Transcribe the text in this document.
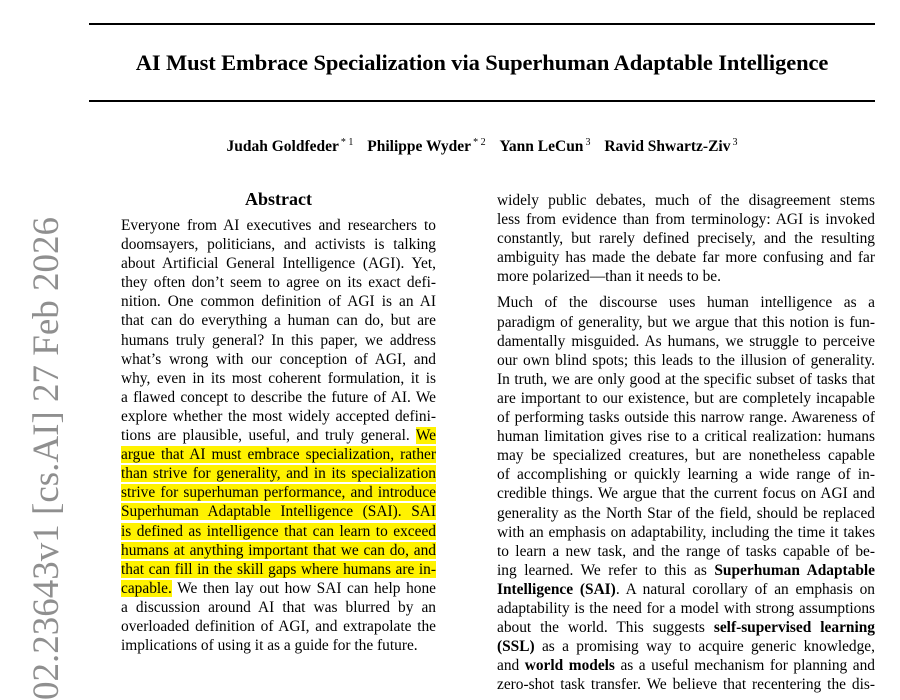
AI Must Embrace Specialization via Superhuman Adaptable Intelligence
Judah Goldfeder $^{* 1}$ Philippe Wyder $^{* 2}$ Yann LeCun $^3$ Ravid Shwartz-Ziv $^3$
02.23643v1 [cs.AI] 27 Feb 2026
Abstract
Everyone from AI executives and researchers to
doomsayers, politicians, and activists is talking
about Artificial General Intelligence (AGI). Yet,
they often don’t seem to agree on its exact defi-
nition. One common definition of AGI is an AI
that can do everything a human can do, but are
humans truly general? In this paper, we address
what’s wrong with our conception of AGI, and
why, even in its most coherent formulation, it is
a flawed concept to describe the future of AI. We
explore whether the most widely accepted defini-
tions are plausible, useful, and truly general. We
argue that AI must embrace specialization, rather
than strive for generality, and in its specialization
strive for superhuman performance, and introduce
Superhuman Adaptable Intelligence (SAI). SAI
is defined as intelligence that can learn to exceed
humans at anything important that we can do, and
that can fill in the skill gaps where humans are in-
capable. We then lay out how SAI can help hone
a discussion around AI that was blurred by an
overloaded definition of AGI, and extrapolate the
implications of using it as a guide for the future.
widely public debates, much of the disagreement stems
less from evidence than from terminology: AGI is invoked
constantly, but rarely defined precisely, and the resulting
ambiguity has made the debate far more confusing and far
more polarized—than it needs to be.
Much of the discourse uses human intelligence as a
paradigm of generality, but we argue that this notion is fun-
damentally misguided. As humans, we struggle to perceive
our own blind spots; this leads to the illusion of generality.
In truth, we are only good at the specific subset of tasks that
are important to our existence, but are completely incapable
of performing tasks outside this narrow range. Awareness of
human limitation gives rise to a critical realization: humans
may be specialized creatures, but are nonetheless capable
of accomplishing or quickly learning a wide range of in-
credible things. We argue that the current focus on AGI and
generality as the North Star of the field, should be replaced
with an emphasis on adaptability, including the time it takes
to learn a new task, and the range of tasks capable of be-
ing learned. We refer to this as Superhuman Adaptable
Intelligence (SAI). A natural corollary of an emphasis on
adaptability is the need for a model with strong assumptions
about the world. This suggests self-supervised learning
(SSL) as a promising way to acquire generic knowledge,
and world models as a useful mechanism for planning and
zero-shot task transfer. We believe that recentering the dis-
